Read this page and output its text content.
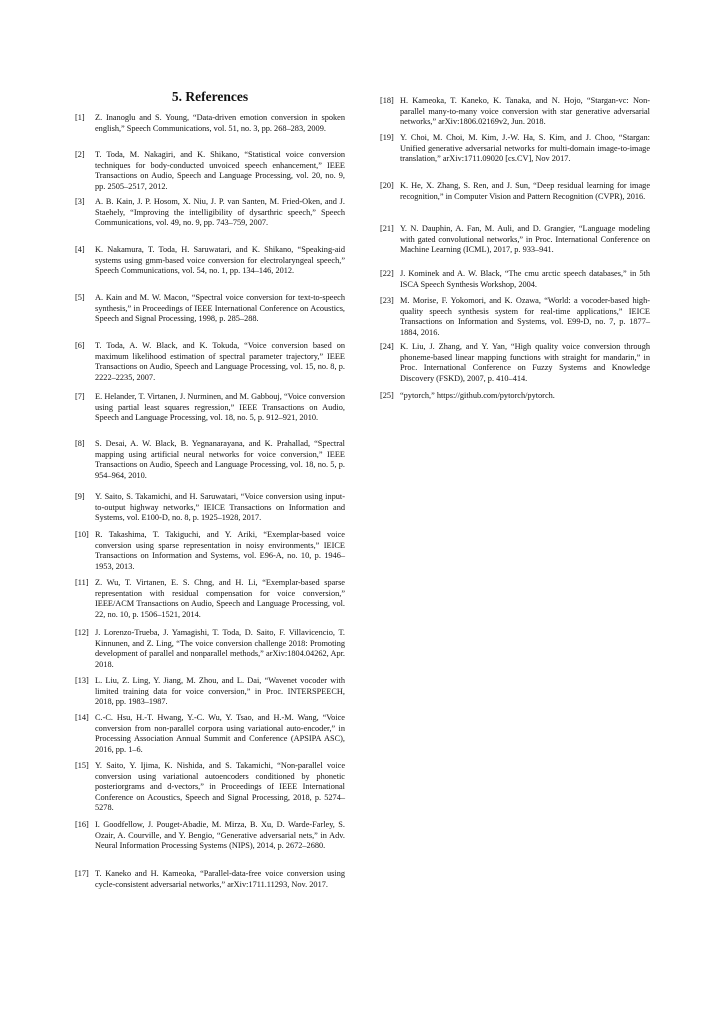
5. References
[1]	Z. Inanoglu and S. Young, “Data-driven emotion conversion in spoken english,” Speech Communications, vol. 51, no. 3, pp. 268–283, 2009.
[2]	T. Toda, M. Nakagiri, and K. Shikano, “Statistical voice conversion techniques for body-conducted unvoiced speech enhancement,” IEEE Transactions on Audio, Speech and Language Processing, vol. 20, no. 9, pp. 2505–2517, 2012.
[3]	A. B. Kain, J. P. Hosom, X. Niu, J. P. van Santen, M. Fried-Oken, and J. Staehely, “Improving the intelligibility of dysarthric speech,” Speech Communications, vol. 49, no. 9, pp. 743–759, 2007.
[4]	K. Nakamura, T. Toda, H. Saruwatari, and K. Shikano, “Speaking-aid systems using gmm-based voice conversion for electrolaryngeal speech,” Speech Communications, vol. 54, no. 1, pp. 134–146, 2012.
[5]	A. Kain and M. W. Macon, “Spectral voice conversion for text-to-speech synthesis,” in Proceedings of IEEE International Conference on Acoustics, Speech and Signal Processing, 1998, p. 285–288.
[6]	T. Toda, A. W. Black, and K. Tokuda, “Voice conversion based on maximum likelihood estimation of spectral parameter trajectory,” IEEE Transactions on Audio, Speech and Language Processing, vol. 15, no. 8, p. 2222–2235, 2007.
[7]	E. Helander, T. Virtanen, J. Nurminen, and M. Gabbouj, “Voice conversion using partial least squares regression,” IEEE Transactions on Audio, Speech and Language Processing, vol. 18, no. 5, p. 912–921, 2010.
[8]	S. Desai, A. W. Black, B. Yegnanarayana, and K. Prahallad, “Spectral mapping using artificial neural networks for voice conversion,” IEEE Transactions on Audio, Speech and Language Processing, vol. 18, no. 5, p. 954–964, 2010.
[9]	Y. Saito, S. Takamichi, and H. Saruwatari, “Voice conversion using input-to-output highway networks,” IEICE Transactions on Information and Systems, vol. E100-D, no. 8, p. 1925–1928, 2017.
[10] R. Takashima, T. Takiguchi, and Y. Ariki, “Exemplar-based voice conversion using sparse representation in noisy environments,” IEICE Transactions on Information and Systems, vol. E96-A, no. 10, p. 1946–1953, 2013.
[11] Z. Wu, T. Virtanen, E. S. Chng, and H. Li, “Exemplar-based sparse representation with residual compensation for voice conversion,” IEEE/ACM Transactions on Audio, Speech and Language Processing, vol. 22, no. 10, p. 1506–1521, 2014.
[12] J. Lorenzo-Trueba, J. Yamagishi, T. Toda, D. Saito, F. Villavicencio, T. Kinnunen, and Z. Ling, “The voice conversion challenge 2018: Promoting development of parallel and nonparallel methods,” arXiv:1804.04262, Apr. 2018.
[13] L. Liu, Z. Ling, Y. Jiang, M. Zhou, and L. Dai, “Wavenet vocoder with limited training data for voice conversion,” in Proc. INTERSPEECH, 2018, pp. 1983–1987.
[14] C.-C. Hsu, H.-T. Hwang, Y.-C. Wu, Y. Tsao, and H.-M. Wang, “Voice conversion from non-parallel corpora using variational auto-encoder,” in Processing Association Annual Summit and Conference (APSIPA ASC), 2016, pp. 1–6.
[15] Y. Saito, Y. Ijima, K. Nishida, and S. Takamichi, “Non-parallel voice conversion using variational autoencoders conditioned by phonetic posteriorgrams and d-vectors,” in Proceedings of IEEE International Conference on Acoustics, Speech and Signal Processing, 2018, p. 5274–5278.
[16] I. Goodfellow, J. Pouget-Abadie, M. Mirza, B. Xu, D. Warde-Farley, S. Ozair, A. Courville, and Y. Bengio, “Generative adversarial nets,” in Adv. Neural Information Processing Systems (NIPS), 2014, p. 2672–2680.
[17] T. Kaneko and H. Kameoka, “Parallel-data-free voice conversion using cycle-consistent adversarial networks,” arXiv:1711.11293, Nov. 2017.
[18] H. Kameoka, T. Kaneko, K. Tanaka, and N. Hojo, “Stargan-vc: Non-parallel many-to-many voice conversion with star generative adversarial networks,” arXiv:1806.02169v2, Jun. 2018.
[19] Y. Choi, M. Choi, M. Kim, J.-W. Ha, S. Kim, and J. Choo, “Stargan: Unified generative adversarial networks for multi-domain image-to-image translation,” arXiv:1711.09020 [cs.CV], Nov 2017.
[20] K. He, X. Zhang, S. Ren, and J. Sun, “Deep residual learning for image recognition,” in Computer Vision and Pattern Recognition (CVPR), 2016.
[21] Y. N. Dauphin, A. Fan, M. Auli, and D. Grangier, “Language modeling with gated convolutional networks,” in Proc. International Conference on Machine Learning (ICML), 2017, p. 933–941.
[22] J. Kominek and A. W. Black, “The cmu arctic speech databases,” in 5th ISCA Speech Synthesis Workshop, 2004.
[23] M. Morise, F. Yokomori, and K. Ozawa, “World: a vocoder-based high-quality speech synthesis system for real-time applications,” IEICE Transactions on Information and Systems, vol. E99-D, no. 7, p. 1877–1884, 2016.
[24] K. Liu, J. Zhang, and Y. Yan, “High quality voice conversion through phoneme-based linear mapping functions with straight for mandarin,” in Proc. International Conference on Fuzzy Systems and Knowledge Discovery (FSKD), 2007, p. 410–414.
[25] “pytorch,” https://github.com/pytorch/pytorch.
